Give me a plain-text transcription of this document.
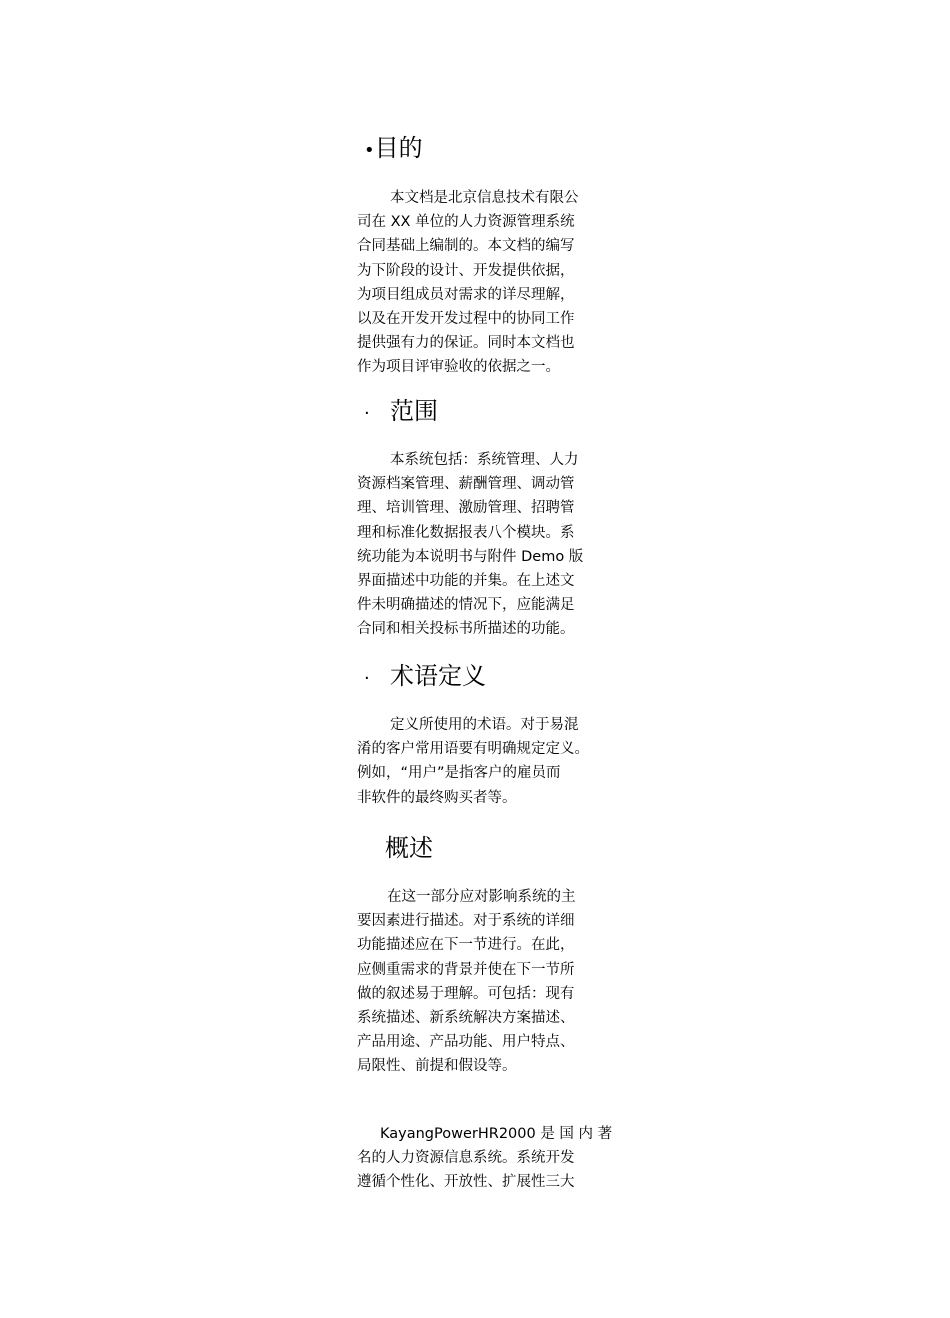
•目的
本文档是北京信息技术有限公
司在 XX 单位的人力资源管理系统
合同基础上编制的。本文档的编写
为下阶段的设计、开发提供依据，
为项目组成员对需求的详尽理解，
以及在开发开发过程中的协同工作
提供强有力的保证。同时本文档也
作为项目评审验收的依据之一。
· 范围
本系统包括：系统管理、人力
资源档案管理、薪酬管理、调动管
理、培训管理、激励管理、招聘管
理和标准化数据报表八个模块。系
统功能为本说明书与附件 Demo 版
界面描述中功能的并集。在上述文
件未明确描述的情况下，应能满足
合同和相关投标书所描述的功能。
· 术语定义
定义所使用的术语。对于易混
淆的客户常用语要有明确规定定义。
例如，“用户”是指客户的雇员而
非软件的最终购买者等。
概述
在这一部分应对影响系统的主
要因素进行描述。对于系统的详细
功能描述应在下一节进行。在此，
应侧重需求的背景并使在下一节所
做的叙述易于理解。可包括：现有
系统描述、新系统解决方案描述、
产品用途、产品功能、用户特点、
局限性、前提和假设等。
KayangPowerHR2000 是 国 内 著
名的人力资源信息系统。系统开发
遵循个性化、开放性、扩展性三大
